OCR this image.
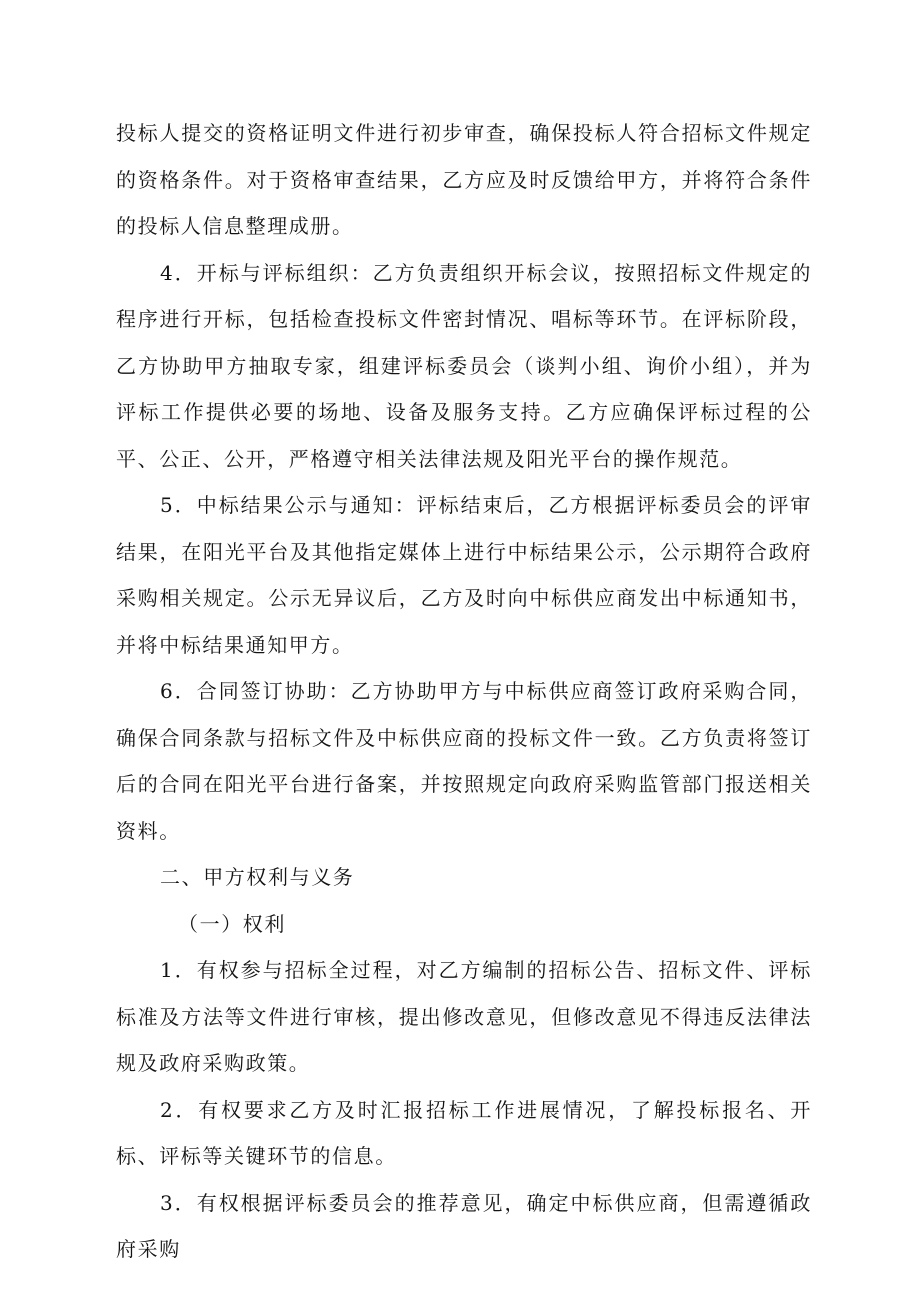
投标人提交的资格证明文件进行初步审查，确保投标人符合招标文件规定的资格条件。对于资格审查结果，乙方应及时反馈给甲方，并将符合条件的投标人信息整理成册。

4．开标与评标组织：乙方负责组织开标会议，按照招标文件规定的程序进行开标，包括检查投标文件密封情况、唱标等环节。在评标阶段，乙方协助甲方抽取专家，组建评标委员会（谈判小组、询价小组），并为评标工作提供必要的场地、设备及服务支持。乙方应确保评标过程的公平、公正、公开，严格遵守相关法律法规及阳光平台的操作规范。

5．中标结果公示与通知：评标结束后，乙方根据评标委员会的评审结果，在阳光平台及其他指定媒体上进行中标结果公示，公示期符合政府采购相关规定。公示无异议后，乙方及时向中标供应商发出中标通知书，并将中标结果通知甲方。

6．合同签订协助：乙方协助甲方与中标供应商签订政府采购合同，确保合同条款与招标文件及中标供应商的投标文件一致。乙方负责将签订后的合同在阳光平台进行备案，并按照规定向政府采购监管部门报送相关资料。

二、甲方权利与义务

（一）权利

1．有权参与招标全过程，对乙方编制的招标公告、招标文件、评标标准及方法等文件进行审核，提出修改意见，但修改意见不得违反法律法规及政府采购政策。

2．有权要求乙方及时汇报招标工作进展情况，了解投标报名、开标、评标等关键环节的信息。

3．有权根据评标委员会的推荐意见，确定中标供应商，但需遵循政府采购
